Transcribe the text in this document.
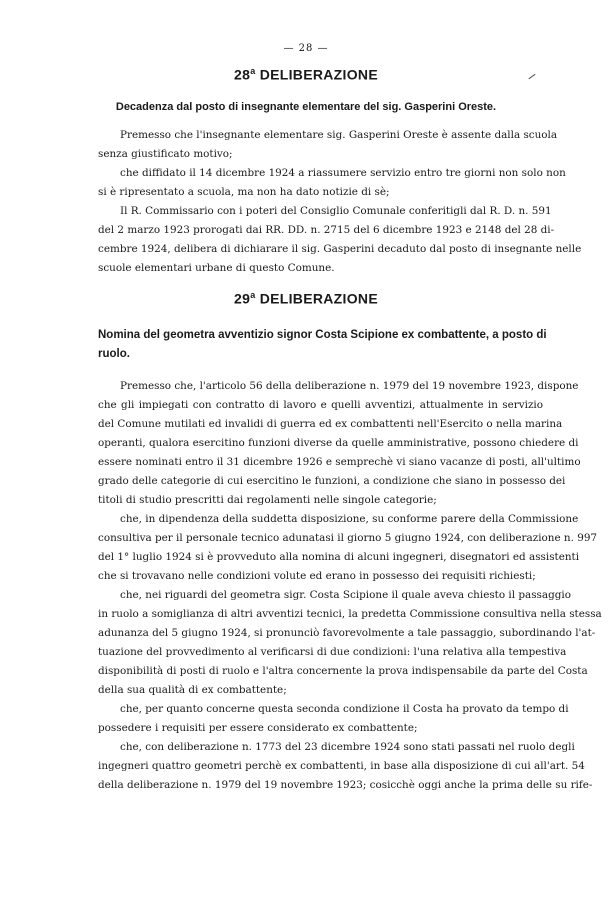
— 28 —
28$^a$ DELIBERAZIONE
Decadenza dal posto di insegnante elementare del sig. Gasperini Oreste.
Premesso che l'insegnante elementare sig. Gasperini Oreste è assente dalla scuola
senza giustificato motivo;
che diffidato il 14 dicembre 1924 a riassumere servizio entro tre giorni non solo non
si è ripresentato a scuola, ma non ha dato notizie di sè;
Il R. Commissario con i poteri del Consiglio Comunale conferitigli dal R. D. n. 591
del 2 marzo 1923 prorogati dai RR. DD. n. 2715 del 6 dicembre 1923 e 2148 del 28 di-
cembre 1924, delibera di dichiarare il sig. Gasperini decaduto dal posto di insegnante nelle
scuole elementari urbane di questo Comune.
29$^a$ DELIBERAZIONE
Nomina del geometra avventizio signor Costa Scipione ex combattente, a posto di
ruolo.
Premesso che, l'articolo 56 della deliberazione n. 1979 del 19 novembre 1923, dispone
che gli impiegati con contratto di lavoro e quelli avventizi, attualmente in servizio
del Comune mutilati ed invalidi di guerra ed ex combattenti nell'Esercito o nella marina
operanti, qualora esercitino funzioni diverse da quelle amministrative, possono chiedere di
essere nominati entro il 31 dicembre 1926 e semprechè vi siano vacanze di posti, all'ultimo
grado delle categorie di cui esercitino le funzioni, a condizione che siano in possesso dei
titoli di studio prescritti dai regolamenti nelle singole categorie;
che, in dipendenza della suddetta disposizione, su conforme parere della Commissione
consultiva per il personale tecnico adunatasi il giorno 5 giugno 1924, con deliberazione n. 997
del 1° luglio 1924 si è provveduto alla nomina di alcuni ingegneri, disegnatori ed assistenti
che si trovavano nelle condizioni volute ed erano in possesso dei requisiti richiesti;
che, nei riguardi del geometra sigr. Costa Scipione il quale aveva chiesto il passaggio
in ruolo a somiglianza di altri avventizi tecnici, la predetta Commissione consultiva nella stessa
adunanza del 5 giugno 1924, si pronunciò favorevolmente a tale passaggio, subordinando l'at-
tuazione del provvedimento al verificarsi di due condizioni: l'una relativa alla tempestiva
disponibilità di posti di ruolo e l'altra concernente la prova indispensabile da parte del Costa
della sua qualità di ex combattente;
che, per quanto concerne questa seconda condizione il Costa ha provato da tempo di
possedere i requisiti per essere considerato ex combattente;
che, con deliberazione n. 1773 del 23 dicembre 1924 sono stati passati nel ruolo degli
ingegneri quattro geometri perchè ex combattenti, in base alla disposizione di cui all'art. 54
della deliberazione n. 1979 del 19 novembre 1923; cosicchè oggi anche la prima delle su rife-
